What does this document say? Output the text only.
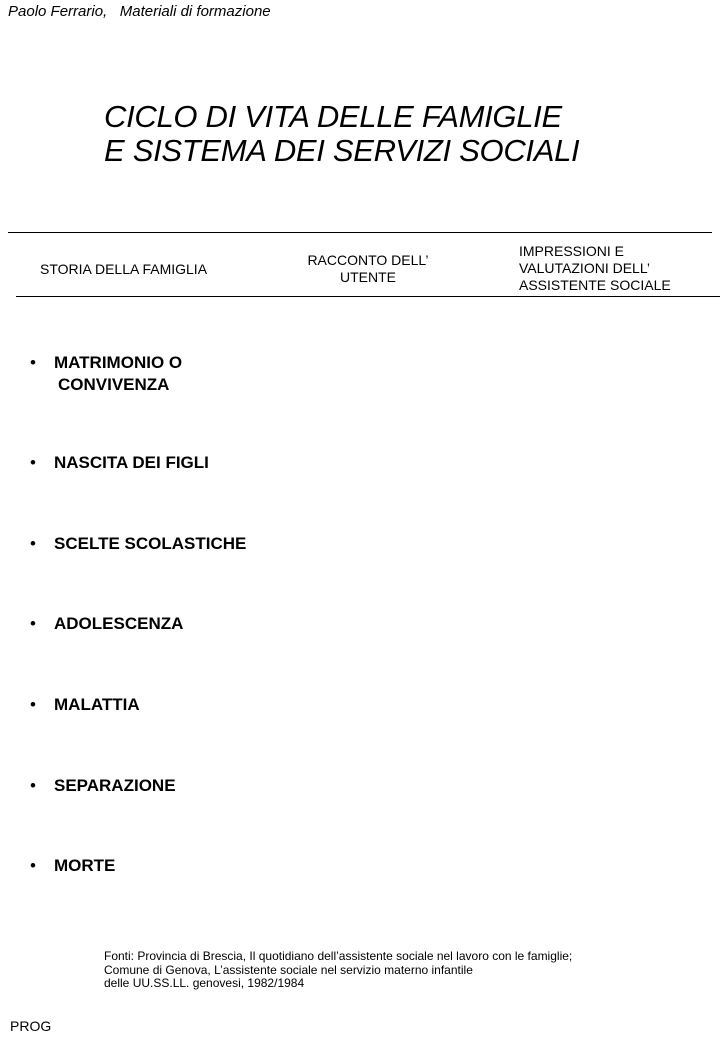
Paolo Ferrario, Materiali di formazione
CICLO DI VITA DELLE FAMIGLIE
E SISTEMA DEI SERVIZI SOCIALI
STORIA DELLA FAMIGLIA
RACCONTO DELL’
UTENTE
IMPRESSIONI E
VALUTAZIONI DELL’
ASSISTENTE SOCIALE
• MATRIMONIO O
CONVIVENZA
• NASCITA DEI FIGLI
• SCELTE SCOLASTICHE
• ADOLESCENZA
• MALATTIA
• SEPARAZIONE
• MORTE
Fonti: Provincia di Brescia, Il quotidiano dell’assistente sociale nel lavoro con le famiglie;
Comune di Genova, L’assistente sociale nel servizio materno infantile
delle UU.SS.LL. genovesi, 1982/1984
PROG
